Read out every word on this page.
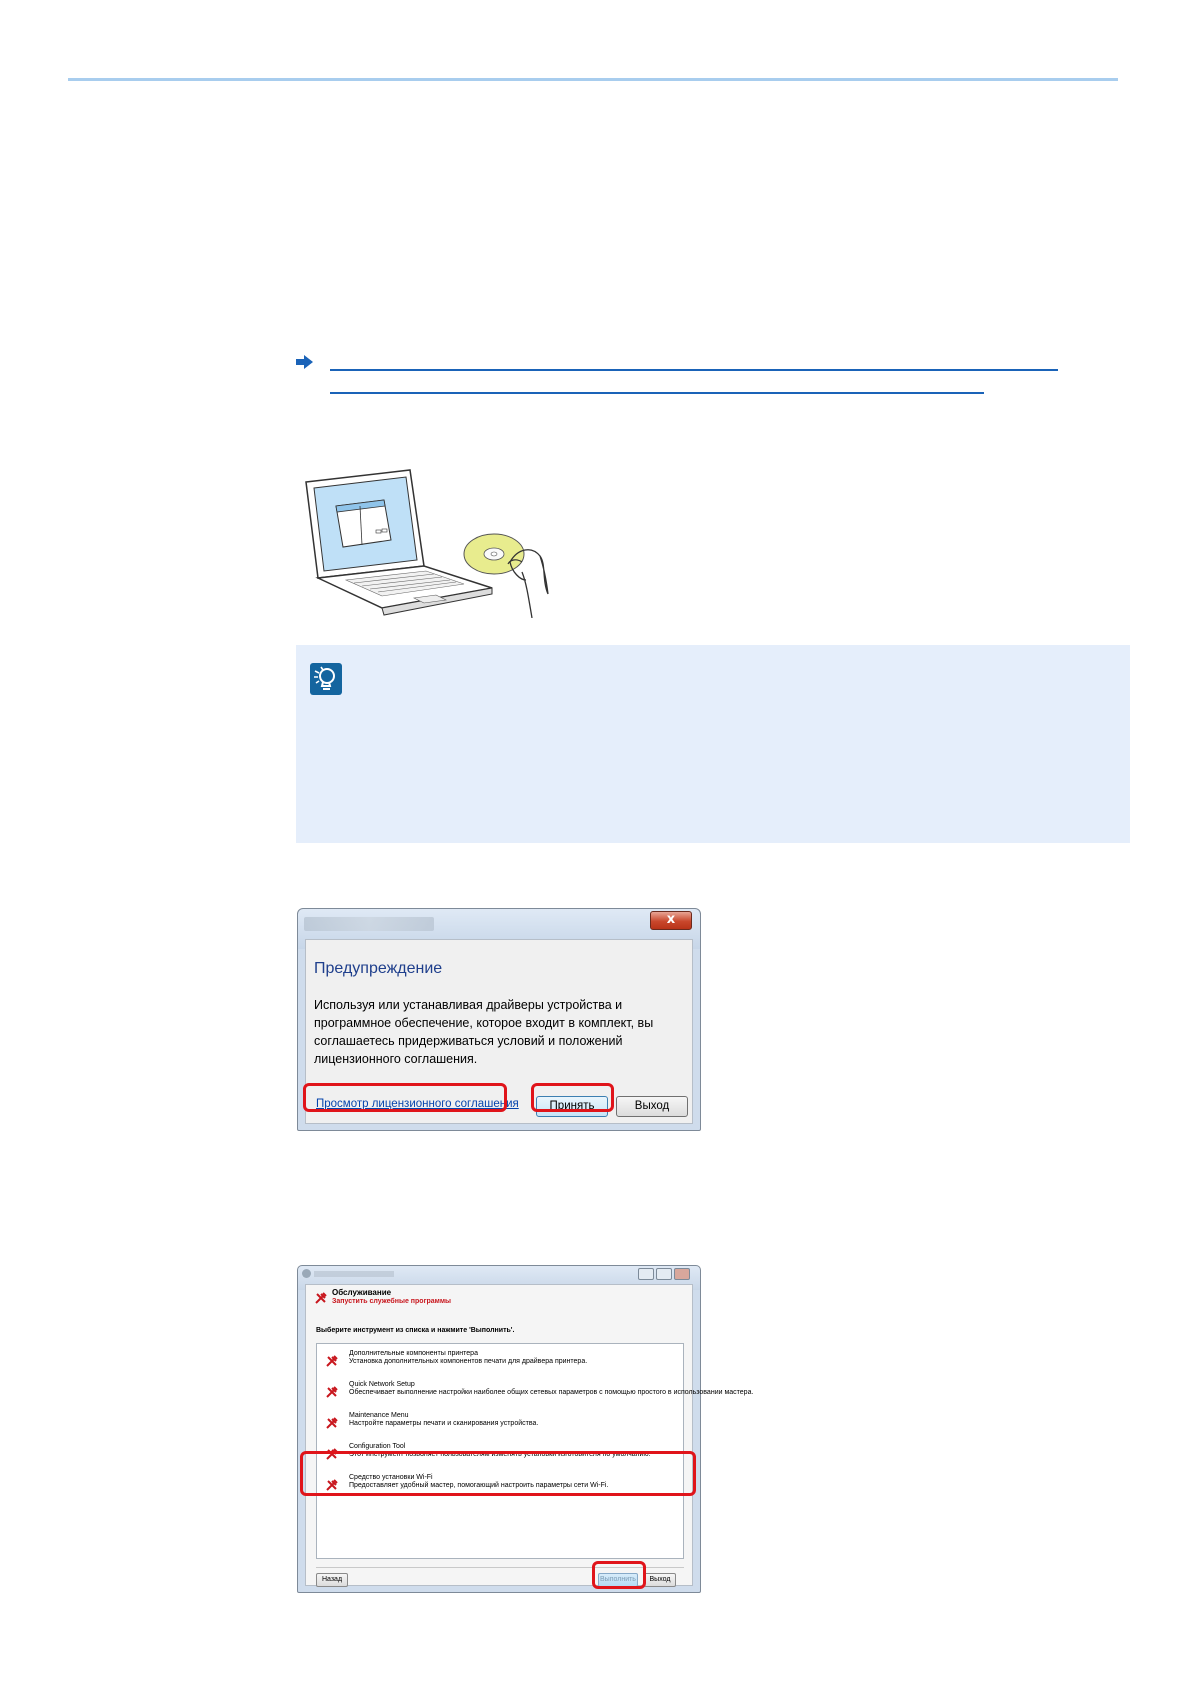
x
Предупреждение
Используя или устанавливая драйверы устройства и программное обеспечение, которое входит в комплект, вы соглашаетесь придерживаться условий и положений лицензионного соглашения.
Просмотр лицензионного соглашения	Принять	Выход
Обслуживание
Запустить служебные программы
Выберите инструмент из списка и нажмите 'Выполнить'.
Дополнительные компоненты принтера
Установка дополнительных компонентов печати для драйвера принтера.
Quick Network Setup
Обеспечивает выполнение настройки наиболее общих сетевых параметров с помощью простого в использовании мастера.
Maintenance Menu
Настройте параметры печати и сканирования устройства.
Configuration Tool
Этот инструмент позволяет пользователям изменять установки изготовителя по умолчанию.
Средство установки Wi-Fi
Предоставляет удобный мастер, помогающий настроить параметры сети Wi-Fi.
Назад	Выполнить	Выход
